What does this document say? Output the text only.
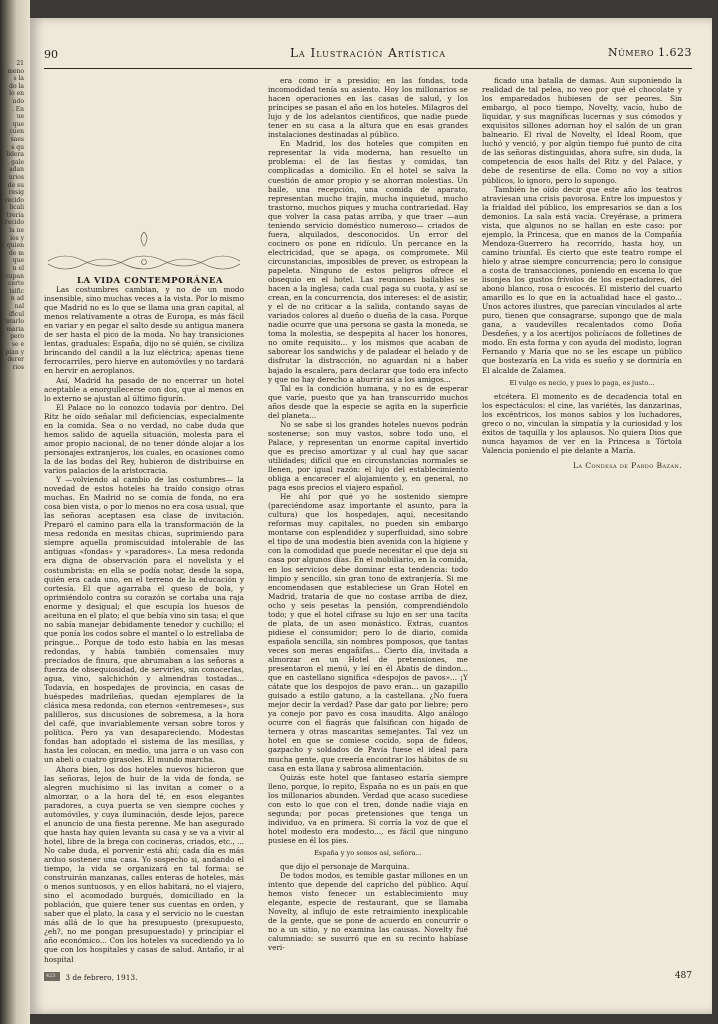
21
meno
s la
do la
lo en
ndo
. En
ue
que
cuen
saes
s qu
lidera
, gale
adan
urios
de su
resig
recido
licali
trería
recido
la ne
los y
quien
de m
que
n el
cupan
certe
isific
n ad
nal
ificul
urarlo
maria
pero
se e
pian y
derer
rios
90	La Ilustración Artística	Número 1.623

LA VIDA CONTEMPORÁNEA

Las costumbres cambian, y no de un modo insensible, sino muchas veces a la vista. Por lo mismo que Madrid no es lo que se llama una gran capital, al menos relativamente a otras de Europa, es más fácil en variar y en pegar el salto desde su antigua manera de ser hasta el pico de la moda. No hay transiciones lentas, graduales: España, dijo no sé quién, se civiliza brincando del candil a la luz eléctrica; apenas tiene ferrocarriles, pero hierve en automóviles y no tardará en hervir en aeroplanos.

Así, Madrid ha pasado de no encerrar un hotel aceptable a enorgullecerse con dos, que al menos en lo externo se ajustan al último figurín.

El Palace no lo conozco todavía por dentro. Del Ritz he oído señalar mil deficiencias, especialmente en la comida. Sea o no verdad, no cabe duda que hemos salido de aquella situación, molesta para el amor propio nacional, de no tener dónde alojar a los personajes extranjeros, los cuales, en ocasiones como la de las bodas del Rey, hubieron de distribuirse en varios palacios de la aristocracia.

Y —volviendo al cambio de las costumbres— la novedad de estos hoteles ha traído consigo otras muchas. En Madrid no se comía de fonda, no era cosa bien vista, o por lo menos no era cosa usual, que las señoras aceptasen esa clase de invitación. Preparó el camino para ella la transformación de la mesa redonda en mesitas chicas, suprimiendo para siempre aquella promiscuidad intolerable de las antiguas «fondas» y «paradores». La mesa redonda era digna de observación para el novelista y el costumbrista: en ella se podía notar, desde la sopa, quién era cada uno, en el terreno de la educación y cortesía. El que agarraba el queso de bola, y oprimiéndolo contra su corazón se cortaba una raja enorme y desigual; el que escupía los huesos de aceituna en el plato; el que bebía vino sin tasa; el que no sabía manejar debidamente tenedor y cuchillo; el que ponía los codos sobre el mantel o lo estrellaba de pringue... Porque de todo esto había en las mesas redondas, y había también comensales muy preciados de finura, que abrumaban a las señoras a fuerza de obsequiosidad, de servirles, sin conocerlas, agua, vino, salchichón y almendras tostadas... Todavía, en hospedajes de provincia, en casas de huéspedes madrileñas, quedan ejemplares de la clásica mesa redonda, con eternos «entremeses», sus palilleros, sus discusiones de sobremesa, a la hora del café, que invariablemente versan sobre toros y política. Pero ya van desapareciendo. Modestas fondas han adoptado el sistema de las mesillas, y hasta les colocan, en medio, una jarra o un vaso con un abeli o cuatro girasoles. El mundo marcha.

Ahora bien, los dos hoteles nuevos hicieron que las señoras, lejos de huir de la vida de fonda, se alegren muchísimo si las invitan a comer o a almorzar, o a la hora del té, en esos elegantes paradores, a cuya puerta se ven siempre coches y automóviles, y cuya iluminación, desde lejos, parece el anuncio de una fiesta perenne. Me han asegurado que hasta hay quien levanta su casa y se va a vivir al hotel, libre de la brega con cocineras, criados, etc., ... No cabe duda, el porvenir está ahí; cada día es más arduo sostener una casa. Yo sospecho si, andando el tiempo, la vida se organizará en tal forma: se construirán manzanas, calles enteras de hoteles, más o menos suntuosos, y en ellos habitará, no el viajero, sino el acomodado burgués, domiciliado en la población, que quiere tener sus cuentas en orden, y saber que el plato, la casa y el servicio no le cuestan más allá de lo que ha presupuesto (presupuesto, ¿eh?, no me pongan presupuestado) y principiar el año económico... Con los hoteles va sucediendo ya lo que con los hospitales y casas de salud. Antaño, ir al hospital

era como ir a presidio; en las fondas, toda incomodidad tenía su asiento. Hoy los millonarios se hacen operaciones en las casas de salud, y los príncipes se pasan el año en los hoteles. Milagros del lujo y de los adelantos científicos, que nadie puede tener en su casa a la altura que en esas grandes instalaciones destinadas al público.

En Madrid, los dos hoteles que compiten en representar la vida moderna, han resuelto un problema: el de las fiestas y comidas, tan complicadas a domicilio. En el hotel se salva la cuestión de amor propio y se ahorran molestias. Un baile, una recepción, una comida de aparato, representan mucho trajín, mucha inquietud, mucho trastorno, muchos piques y mucha contrariedad. Hay que volver la casa patas arriba, y que traer —aun teniendo servicio doméstico numeroso— criados de fuera, alquilados, desconocidos. Un error del cocinero os pone en ridículo. Un percance en la electricidad, que se apaga, os compromete. Mil circunstancias, imposibles de prever, os estropean la papeleta. Ninguno de estos peligros ofrece el obsequio en el hotel. Las reuniones bailables se hacen a la inglesa; cada cual paga su cuota, y así se crean, en la concurrencia, dos intereses: el de asistir, y el de no criticar a la salida, contando sayas de variados colores al dueño o dueña de la casa. Porque nadie ocurre que una persona se gasta la moneda, se toma la molestia, se despepita al hacer los honores, no omite requisito... y los mismos que acaban de saborear los sandwichs y de paladear el helado y de disfrutar la distracción, no aguardan ni a haber bajado la escalera, para declarar que todo era infecto y que no hay derecho a aburrir así a los amigos...

Tal es la condición humana, y no es de esperar que varíe, puesto que ya han transcurrido muchos años desde que la especie se agita en la superficie del planeta...

No se sabe si los grandes hoteles nuevos podrán sostenerse; son muy vastos, sobre todo uno, el Palace, y representan un enorme capital invertido que es preciso amortizar y al cual hay que sacar utilidades; difícil que en circunstancias normales se llenen, por igual razón: el lujo del establecimiento obliga a encarecer el alojamiento y, en general, no paga esos precios el viajero español.

He ahí por qué yo he sostenido siempre (pareciéndome asaz importante el asunto, para la cultura) que los hospedajes, aquí, necesitando reformas muy capitales, no pueden sin embargo montarse con esplendidez y superfluidad, sino sobre el tipo de una modestia bien avenida con la higiene y con la comodidad que puede necesitar el que deja su casa por algunos días. En el mobiliario, en la comida, en los servicios debe dominar esta tendencia: todo limpio y sencillo, sin gran tono de extranjería. Si me encomendasen que estableciese un Gran Hotel en Madrid, trataría de que no costase arriba de diez, ocho y seis pesetas la pensión, comprendiéndolo todo; y que el hotel cifrase su lujo en ser una tacita de plata, de un aseo monástico. Extras, cuantos pidiese el consumidor; pero lo de diario, comida española sencilla, sin nombres pomposos, que tantas veces son meras engañifas... Cierto día, invitada a almorzar en un Hotel de pretensiones, me presentaron el menú, y leí en él Abatis de dindon... que en castellano significa «despojos de pavos»... ¡Y cátate que los despojos de pavo eran... un gazapillo guisado a estilo gatuno, a la castellana. ¿No fuera mejor decir la verdad? Pase dar gato por liebre; pero ya conejo por pavo es cosa inaudita. Algo análogo ocurre con el fiagrás que falsifican con hígado de ternera y otras mascaritas semejantes. Tal vez un hotel en que se comiese cocido, sopa de fideos, gazpacho y soldados de Pavía fuese el ideal para mucha gente, que creería encontrar los hábitos de su casa en esta llana y sabrosa alimentación.

Quizás este hotel que fantaseo estaría siempre lleno, porque, lo repito, España no es un país en que los millonarios abunden. Verdad que acaso sucediese con esto lo que con el tren, donde nadie viaja en segunda; por pocas pretensiones que tenga un individuo, va en primera. Si corría la voz de que el hotel modesto era modesto..., es fácil que ninguno pusiese en él los pies.

España y yo somos así, señora...

que dijo el personaje de Marquina.

De todos modos, es temible gastar millones en un intento que depende del capricho del público. Aquí hemos visto fenecer un establecimiento muy elegante, especie de restaurant, que se llamaba Novelty, al influjo de este retraimiento inexplicable de la gente, que se pone de acuerdo en concurrir o no a un sitio, y no examina las causas. Novelty fué calumniado: se susurró que en su recinto habíase veri-

ficado una batalla de damas. Aun suponiendo la realidad de tal pelea, no veo por qué el chocolate y los emparedados hubiesen de ser peores. Sin embargo, al poco tiempo, Novelty, vacío, hubo de liquidar, y sus magníficas lucernas y sus cómodos y exquisitos sillones adornan hoy el salón de un gran balneario. El rival de Novelty, el Ideal Room, que luchó y venció, y por algún tiempo fué punto de cita de las señoras distinguidas, ahora sufre, sin duda, la competencia de esos halls del Ritz y del Palace, y debe de resentirse de ella. Como no voy a sitios públicos, lo ignoro, pero lo supongo.

También he oído decir que este año los teatros atraviesan una crisis pavorosa. Entre los impuestos y la frialdad del público, los empresarios se dan a los demonios. La sala está vacía. Creyérase, a primera vista, que algunos no se hallan en este caso: por ejemplo, la Princesa, que en manos de la Compañía Mendoza-Guerrero ha recorrido, hasta hoy, un camino triunfal. Es cierto que este teatro rompe el hielo y atrae siempre concurrencia; pero lo consigue a costa de transacciones, poniendo en escena lo que lisonjea los gustos frívolos de los espectadores, del abono blanco, rosa o escocés. El misterio del cuarto amarillo es lo que en la actualidad hace el gasto... Unos actores ilustres, que parecían vinculados al arte puro, tienen que consagrarse, supongo que de mala gana, a vaudevilles recalentados como Doña Desdeñes, y a los acertijos policíacos de folletines de modo. En esta forma y con ayuda del modisto, logran Fernando y María que no se les escape un público que bostezaría en La vida es sueño y se dormiría en El alcalde de Zalamea.

El vulgo es necio, y pues lo paga, es justo...

etcétera. El momento es de decadencia total en los espectáculos: el cine, las variétés, las danzarinas, los excéntricos, los monos sabios y los luchadores, greco o no, vinculan la simpatía y la curiosidad y los éxitos de taquilla y los aplausos. No quiera Dios que nunca hayamos de ver en la Princesa a Tórtola Valencia poniendo el pie delante a María.

La Condesa de Pardo Bazán.

423 3 de febrero, 1913.	487
